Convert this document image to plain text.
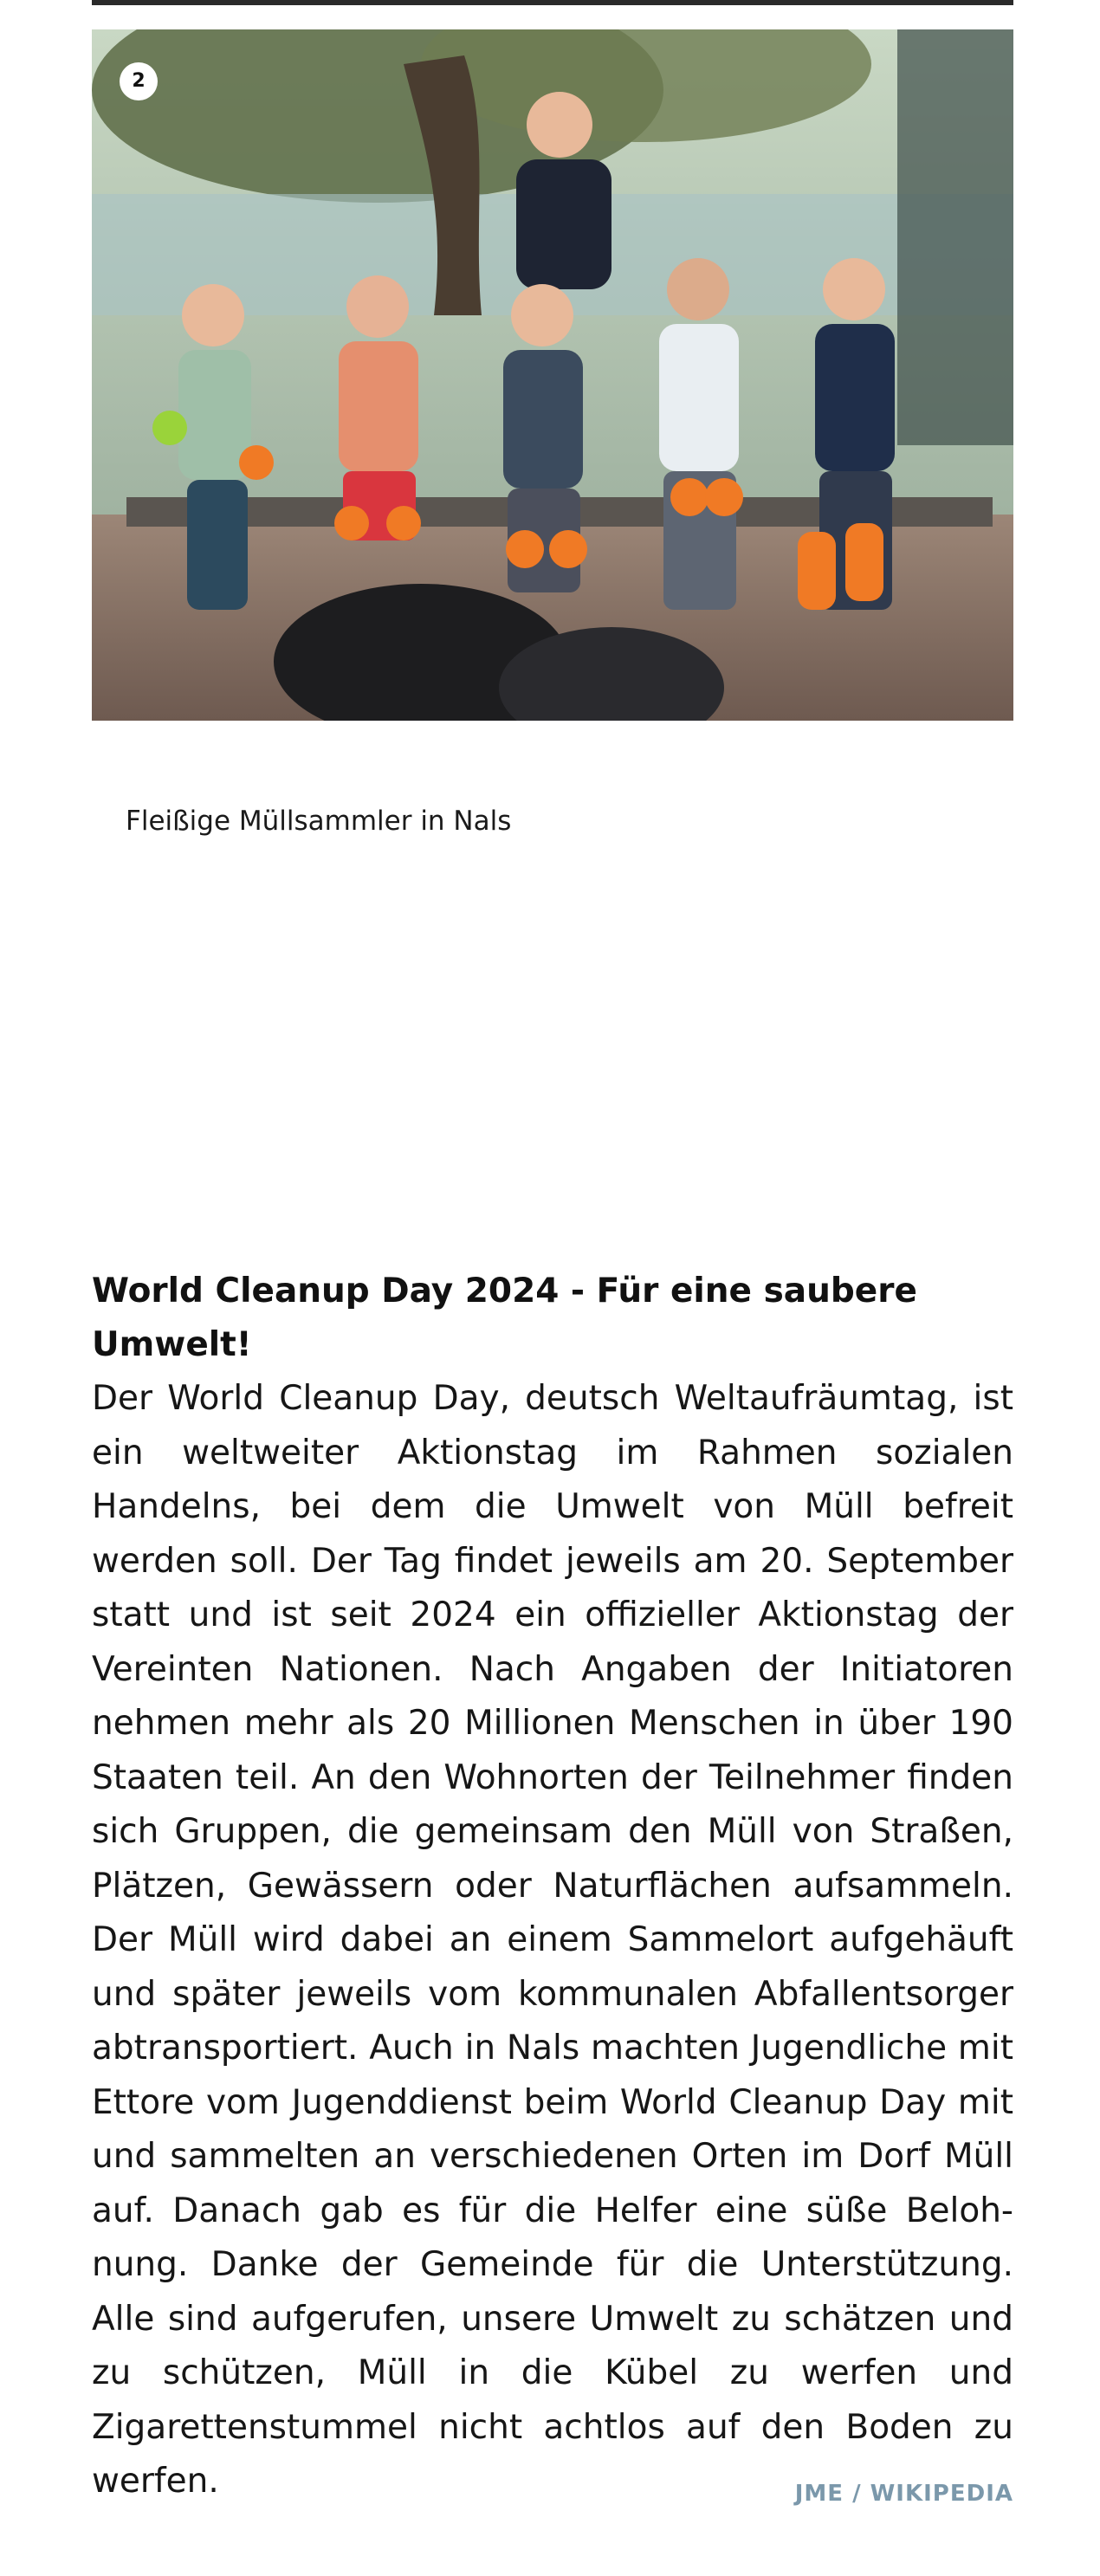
2
Fleißige Müllsammler in Nals
World Cleanup Day 2024 - Für eine saubere Umwelt!

Der World Cleanup Day, deutsch Weltaufräumtag, ist ein weltweiter Aktionstag im Rahmen sozialen Handelns, bei dem die Umwelt von Müll befreit werden soll. Der Tag findet jeweils am 20. September statt und ist seit 2024 ein offizieller Aktionstag der Vereinten Nationen. Nach Angaben der Initiatoren nehmen mehr als 20 Millionen Menschen in über 190 Staaten teil. An den Wohnorten der Teilnehmer finden sich Gruppen, die gemeinsam den Müll von Straßen, Plätzen, Gewässern oder Naturflächen aufsammeln. Der Müll wird dabei an einem Sammelort aufgehäuft und später jeweils vom kommunalen Abfallentsorger abtransportiert. Auch in Nals machten Jugendliche mit Ettore vom Jugenddienst beim World Cleanup Day mit und sammelten an verschiedenen Orten im Dorf Müll auf. Danach gab es für die Helfer eine süße Belohnung. Danke der Gemeinde für die Unterstützung. Alle sind aufgerufen, unsere Umwelt zu schätzen und zu schützen, Müll in die Kübel zu werfen und Zigarettenstummel nicht achtlos auf den Boden zu werfen.	JME / WIKIPEDIA
